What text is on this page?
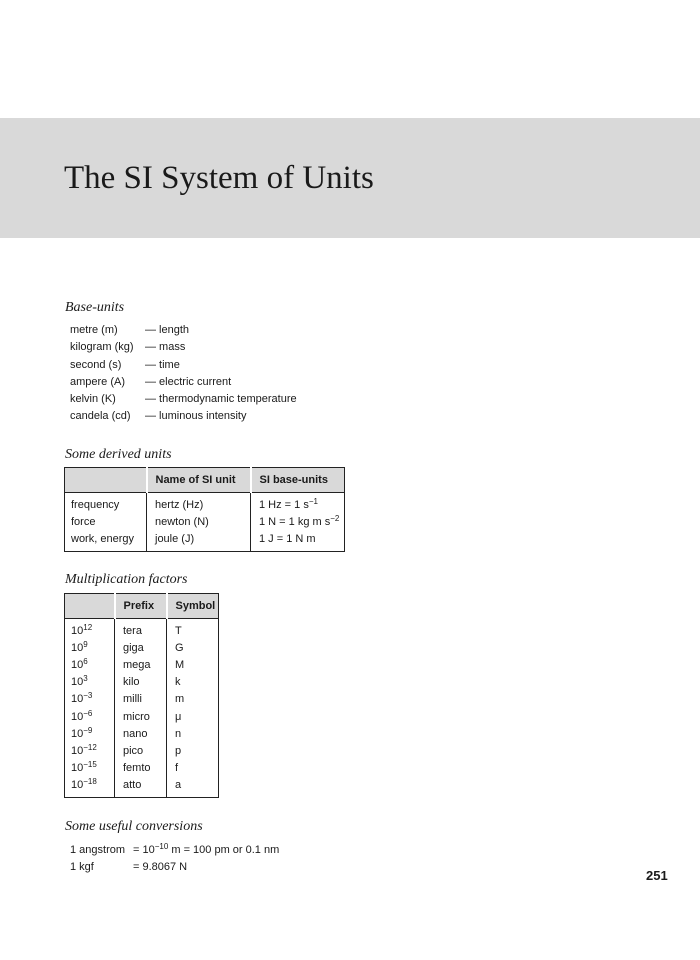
The SI System of Units
Base-units
metre (m) — length
kilogram (kg) — mass
second (s) — time
ampere (A) — electric current
kelvin (K)	— thermodynamic temperature
candela (cd) — luminous intensity
Some derived units
	Name of SI unit	SI base-units
frequency	hertz (Hz)	1 Hz = 1 $s^{-1}$
force	newton (N)	1 N = 1 kg m $s^{-2}$
work, energy	joule (J)	1 J = 1 N m
Multiplication factors
	Prefix	Symbol
$10^{12}$	tera	T
$10^9$	giga	G
$10^6$	mega	M
$10^3$	kilo	k
$10^{-3}$	milli	m
$10^{-6}$	micro	μ
$10^{-9}$	nano	n
$10^{-12}$	pico	p
$10^{-15}$	femto	f
$10^{-18}$	atto	a
Some useful conversions
1 angstrom = $10^{-10}$ m = 100 pm or 0.1 nm
1 kgf	= 9.8067 N
251
